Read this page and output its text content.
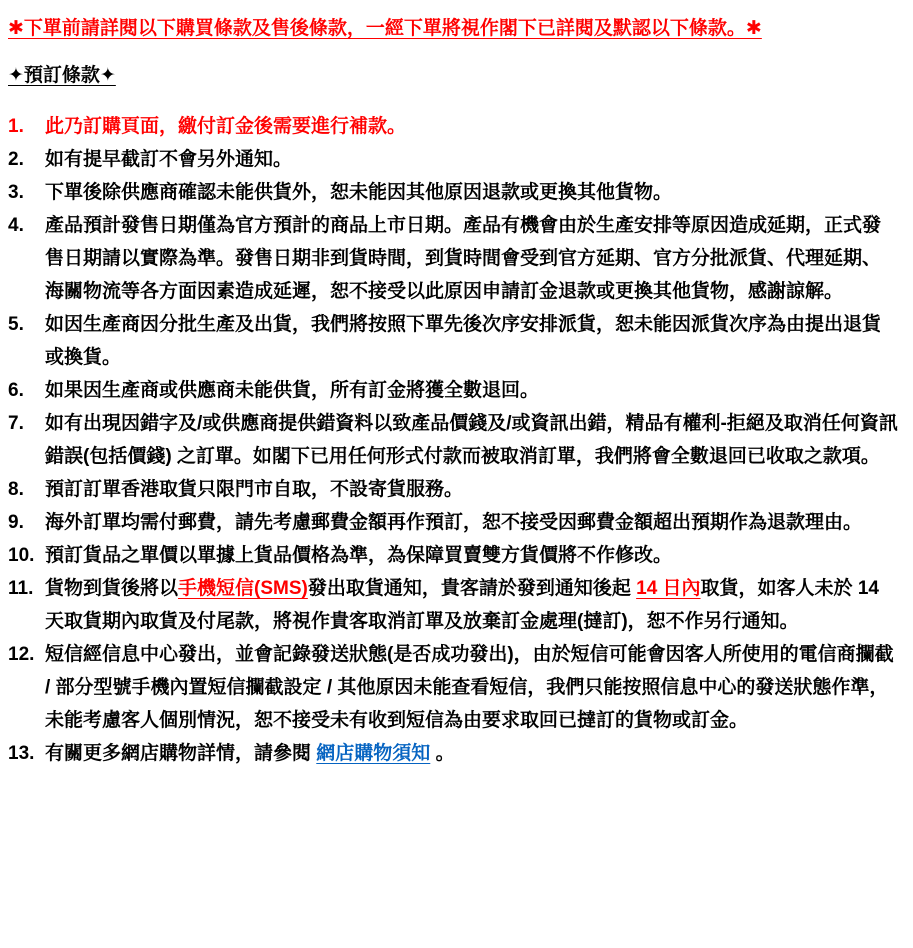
✱下單前請詳閱以下購買條款及售後條款，一經下單將視作閣下已詳閱及默認以下條款。✱
✦預訂條款✦
1.	此乃訂購頁面，繳付訂金後需要進行補款。
2.	如有提早截訂不會另外通知。
3.	下單後除供應商確認未能供貨外，恕未能因其他原因退款或更換其他貨物。
4.	產品預計發售日期僅為官方預計的商品上市日期。產品有機會由於生產安排等原因造成延期，正式發售日期請以實際為準。發售日期非到貨時間，到貨時間會受到官方延期、官方分批派貨、代理延期、海關物流等各方面因素造成延遲，恕不接受以此原因申請訂金退款或更換其他貨物，感謝諒解。
5.	如因生產商因分批生產及出貨，我們將按照下單先後次序安排派貨，恕未能因派貨次序為由提出退貨或換貨。
6.	如果因生產商或供應商未能供貨，所有訂金將獲全數退回。
7.	如有出現因錯字及/或供應商提供錯資料以致產品價錢及/或資訊出錯，精品有權利-拒絕及取消任何資訊錯誤(包括價錢) 之訂單。如閣下已用任何形式付款而被取消訂單，我們將會全數退回已收取之款項。
8.	預訂訂單香港取貨只限門市自取，不設寄貨服務。
9.	海外訂單均需付郵費，請先考慮郵費金額再作預訂，恕不接受因郵費金額超出預期作為退款理由。
10. 預訂貨品之單價以單據上貨品價格為準，為保障買賣雙方貨價將不作修改。
11. 貨物到貨後將以手機短信(SMS)發出取貨通知，貴客請於發到通知後起 14 日內取貨，如客人未於 14 天取貨期內取貨及付尾款，將視作貴客取消訂單及放棄訂金處理(撻訂)，恕不作另行通知。
12. 短信經信息中心發出，並會記錄發送狀態(是否成功發出)，由於短信可能會因客人所使用的電信商攔截 / 部分型號手機內置短信攔截設定 / 其他原因未能查看短信，我們只能按照信息中心的發送狀態作準，未能考慮客人個別情況，恕不接受未有收到短信為由要求取回已撻訂的貨物或訂金。
13. 有關更多網店購物詳情，請參閱 網店購物須知 。
